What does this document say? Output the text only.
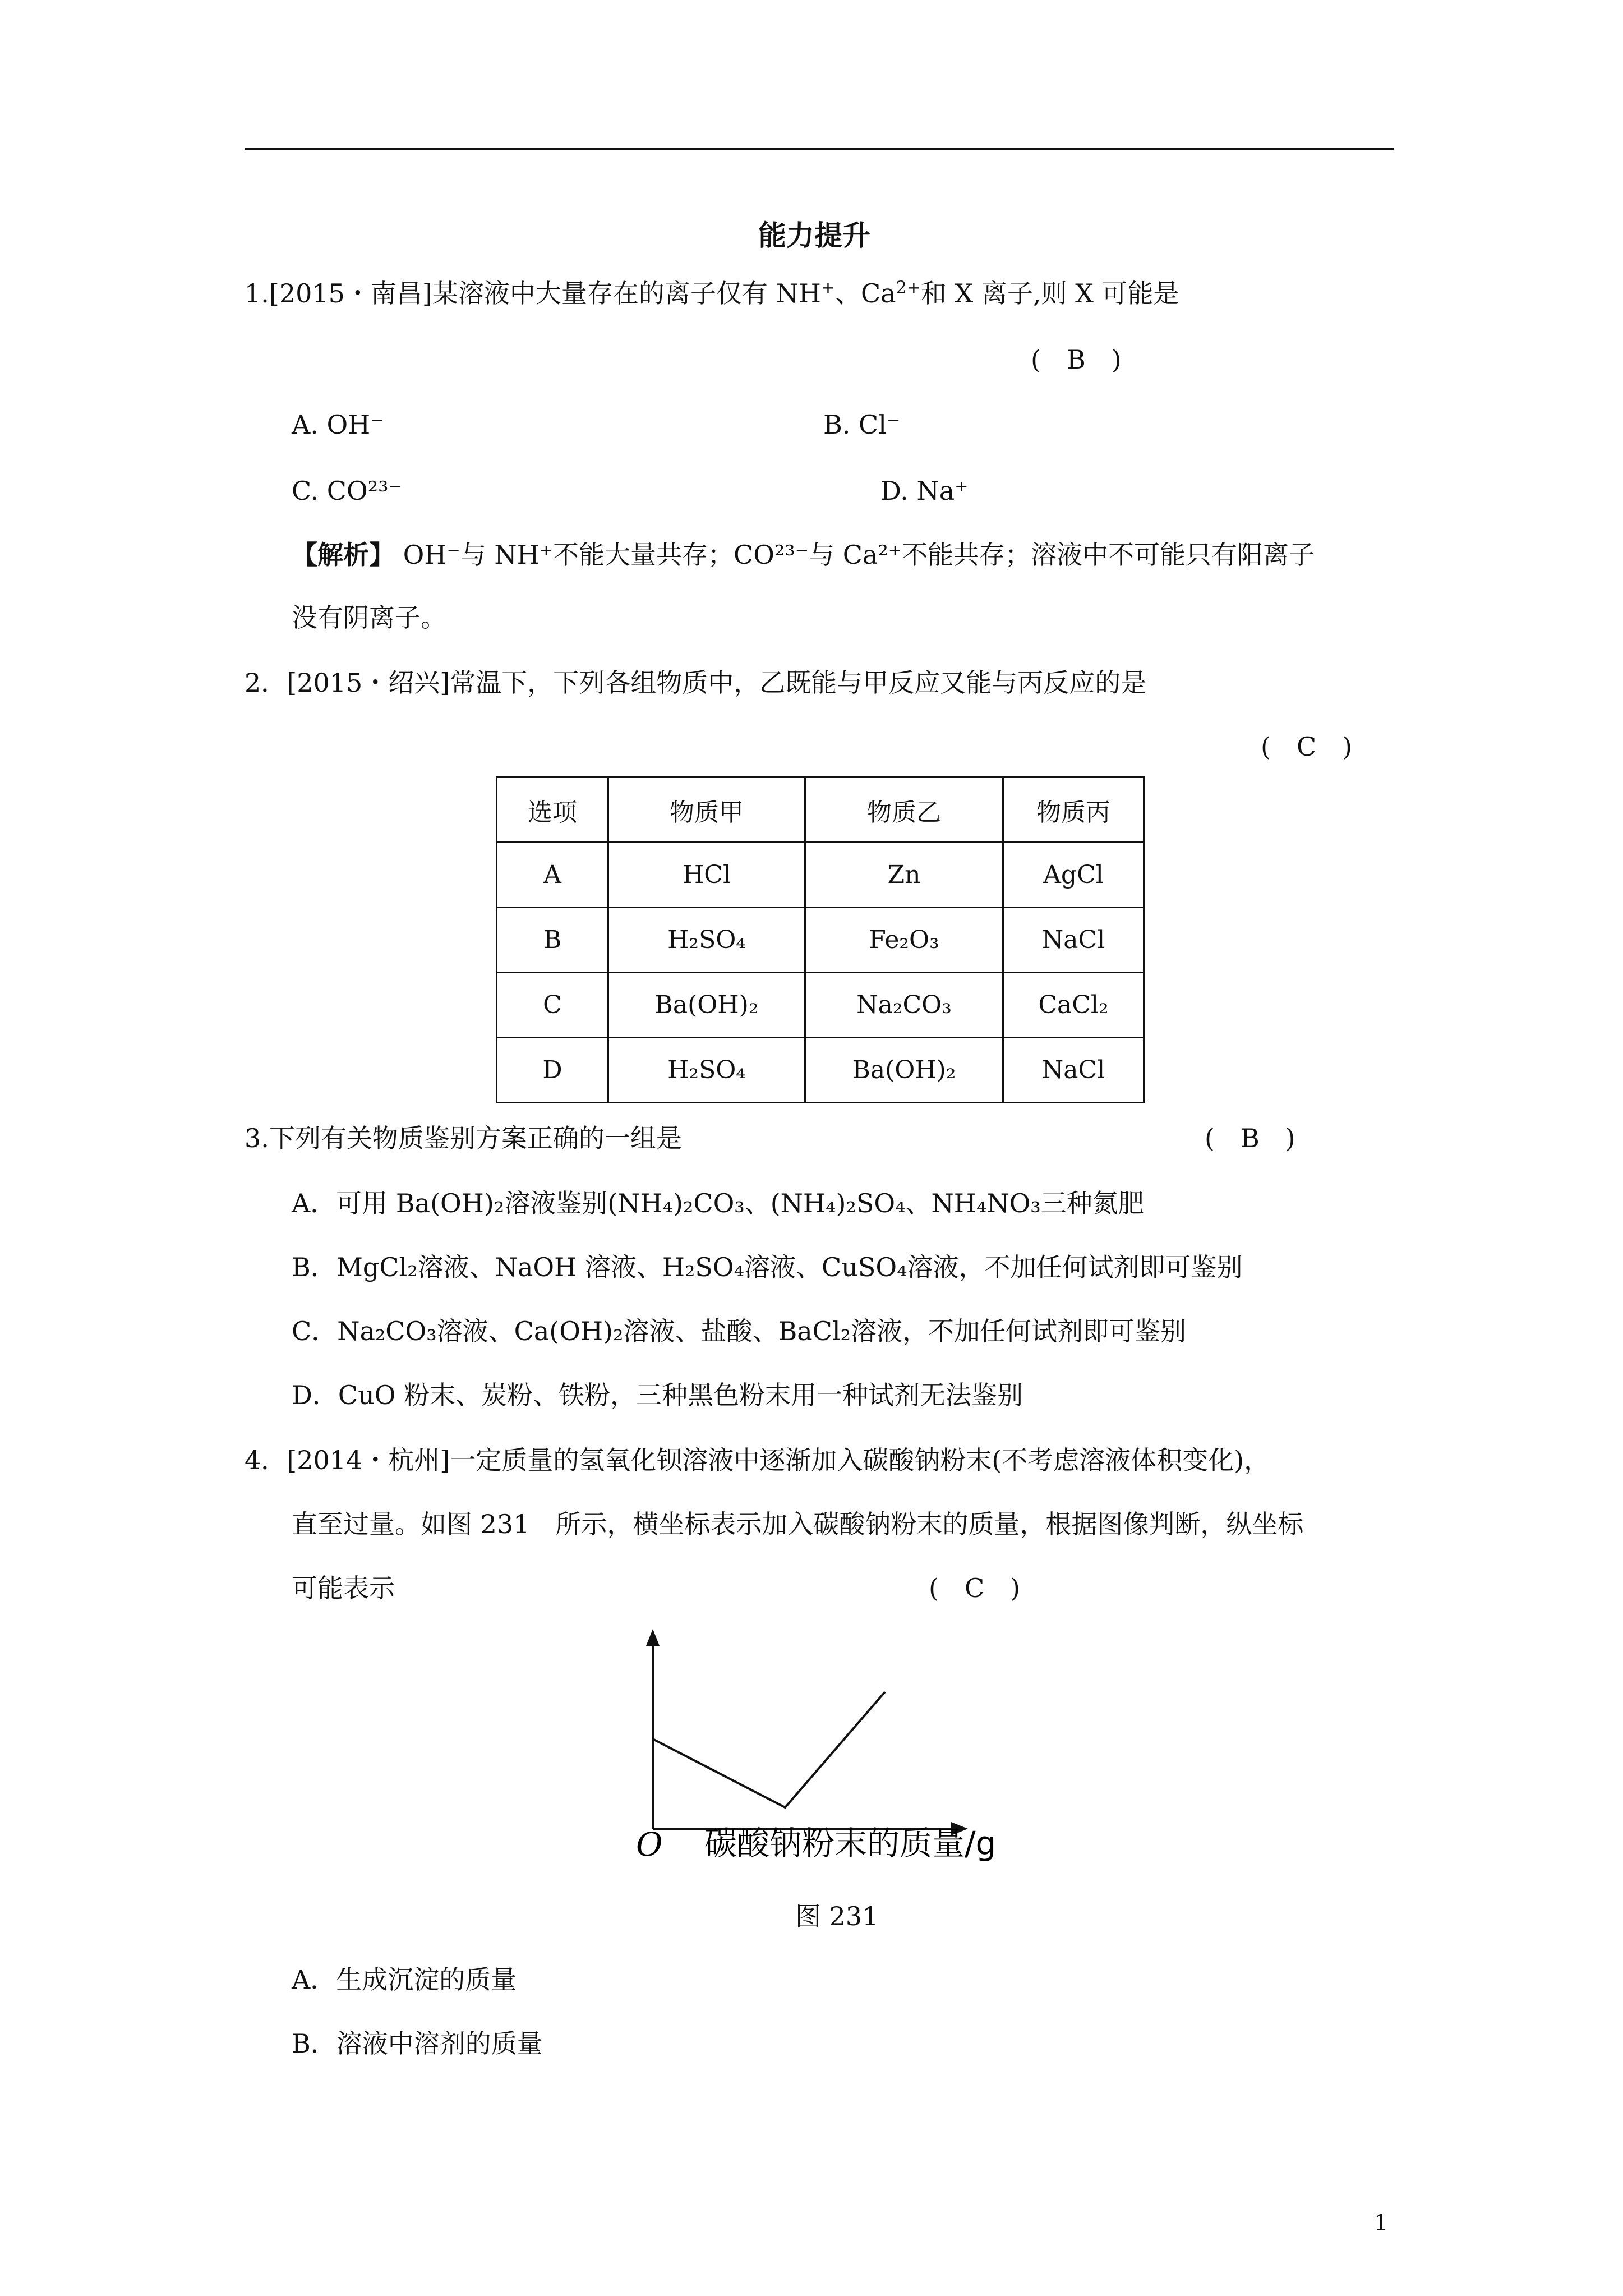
能力提升
1.[2015・南昌]某溶液中大量存在的离子仅有 NH+、$Ca^{2+}$和 X 离子,则 X 可能是
(　B　)
A. OH⁻	B. Cl⁻
C. CO²³⁻	D. Na⁺
【解析】 OH⁻与 NH⁺不能大量共存；CO²³⁻与 Ca²⁺不能共存；溶液中不可能只有阳离子
没有阴离子。
2．[2015・绍兴]常温下，下列各组物质中，乙既能与甲反应又能与丙反应的是
(　C　)
选项	物质甲	物质乙	物质丙
A	HCl	Zn	AgCl
B	H₂SO₄	Fe₂O₃	NaCl
C	Ba(OH)₂	Na₂CO₃	CaCl₂
D	H₂SO₄	Ba(OH)₂	NaCl
3.下列有关物质鉴别方案正确的一组是	(　B　)
A．可用 Ba(OH)₂溶液鉴别(NH₄)₂CO₃、(NH₄)₂SO₄、NH₄NO₃三种氮肥
B．MgCl₂溶液、NaOH 溶液、H₂SO₄溶液、CuSO₄溶液，不加任何试剂即可鉴别
C．Na₂CO₃溶液、Ca(OH)₂溶液、盐酸、BaCl₂溶液，不加任何试剂即可鉴别
D．CuO 粉末、炭粉、铁粉，三种黑色粉末用一种试剂无法鉴别
4．[2014・杭州]一定质量的氢氧化钡溶液中逐渐加入碳酸钠粉末(不考虑溶液体积变化)，
直至过量。如图 231　所示，横坐标表示加入碳酸钠粉末的质量，根据图像判断，纵坐标
可能表示	(　C　)
O 碳酸钠粉末的质量/g
图 231
A．生成沉淀的质量
B．溶液中溶剂的质量
1
